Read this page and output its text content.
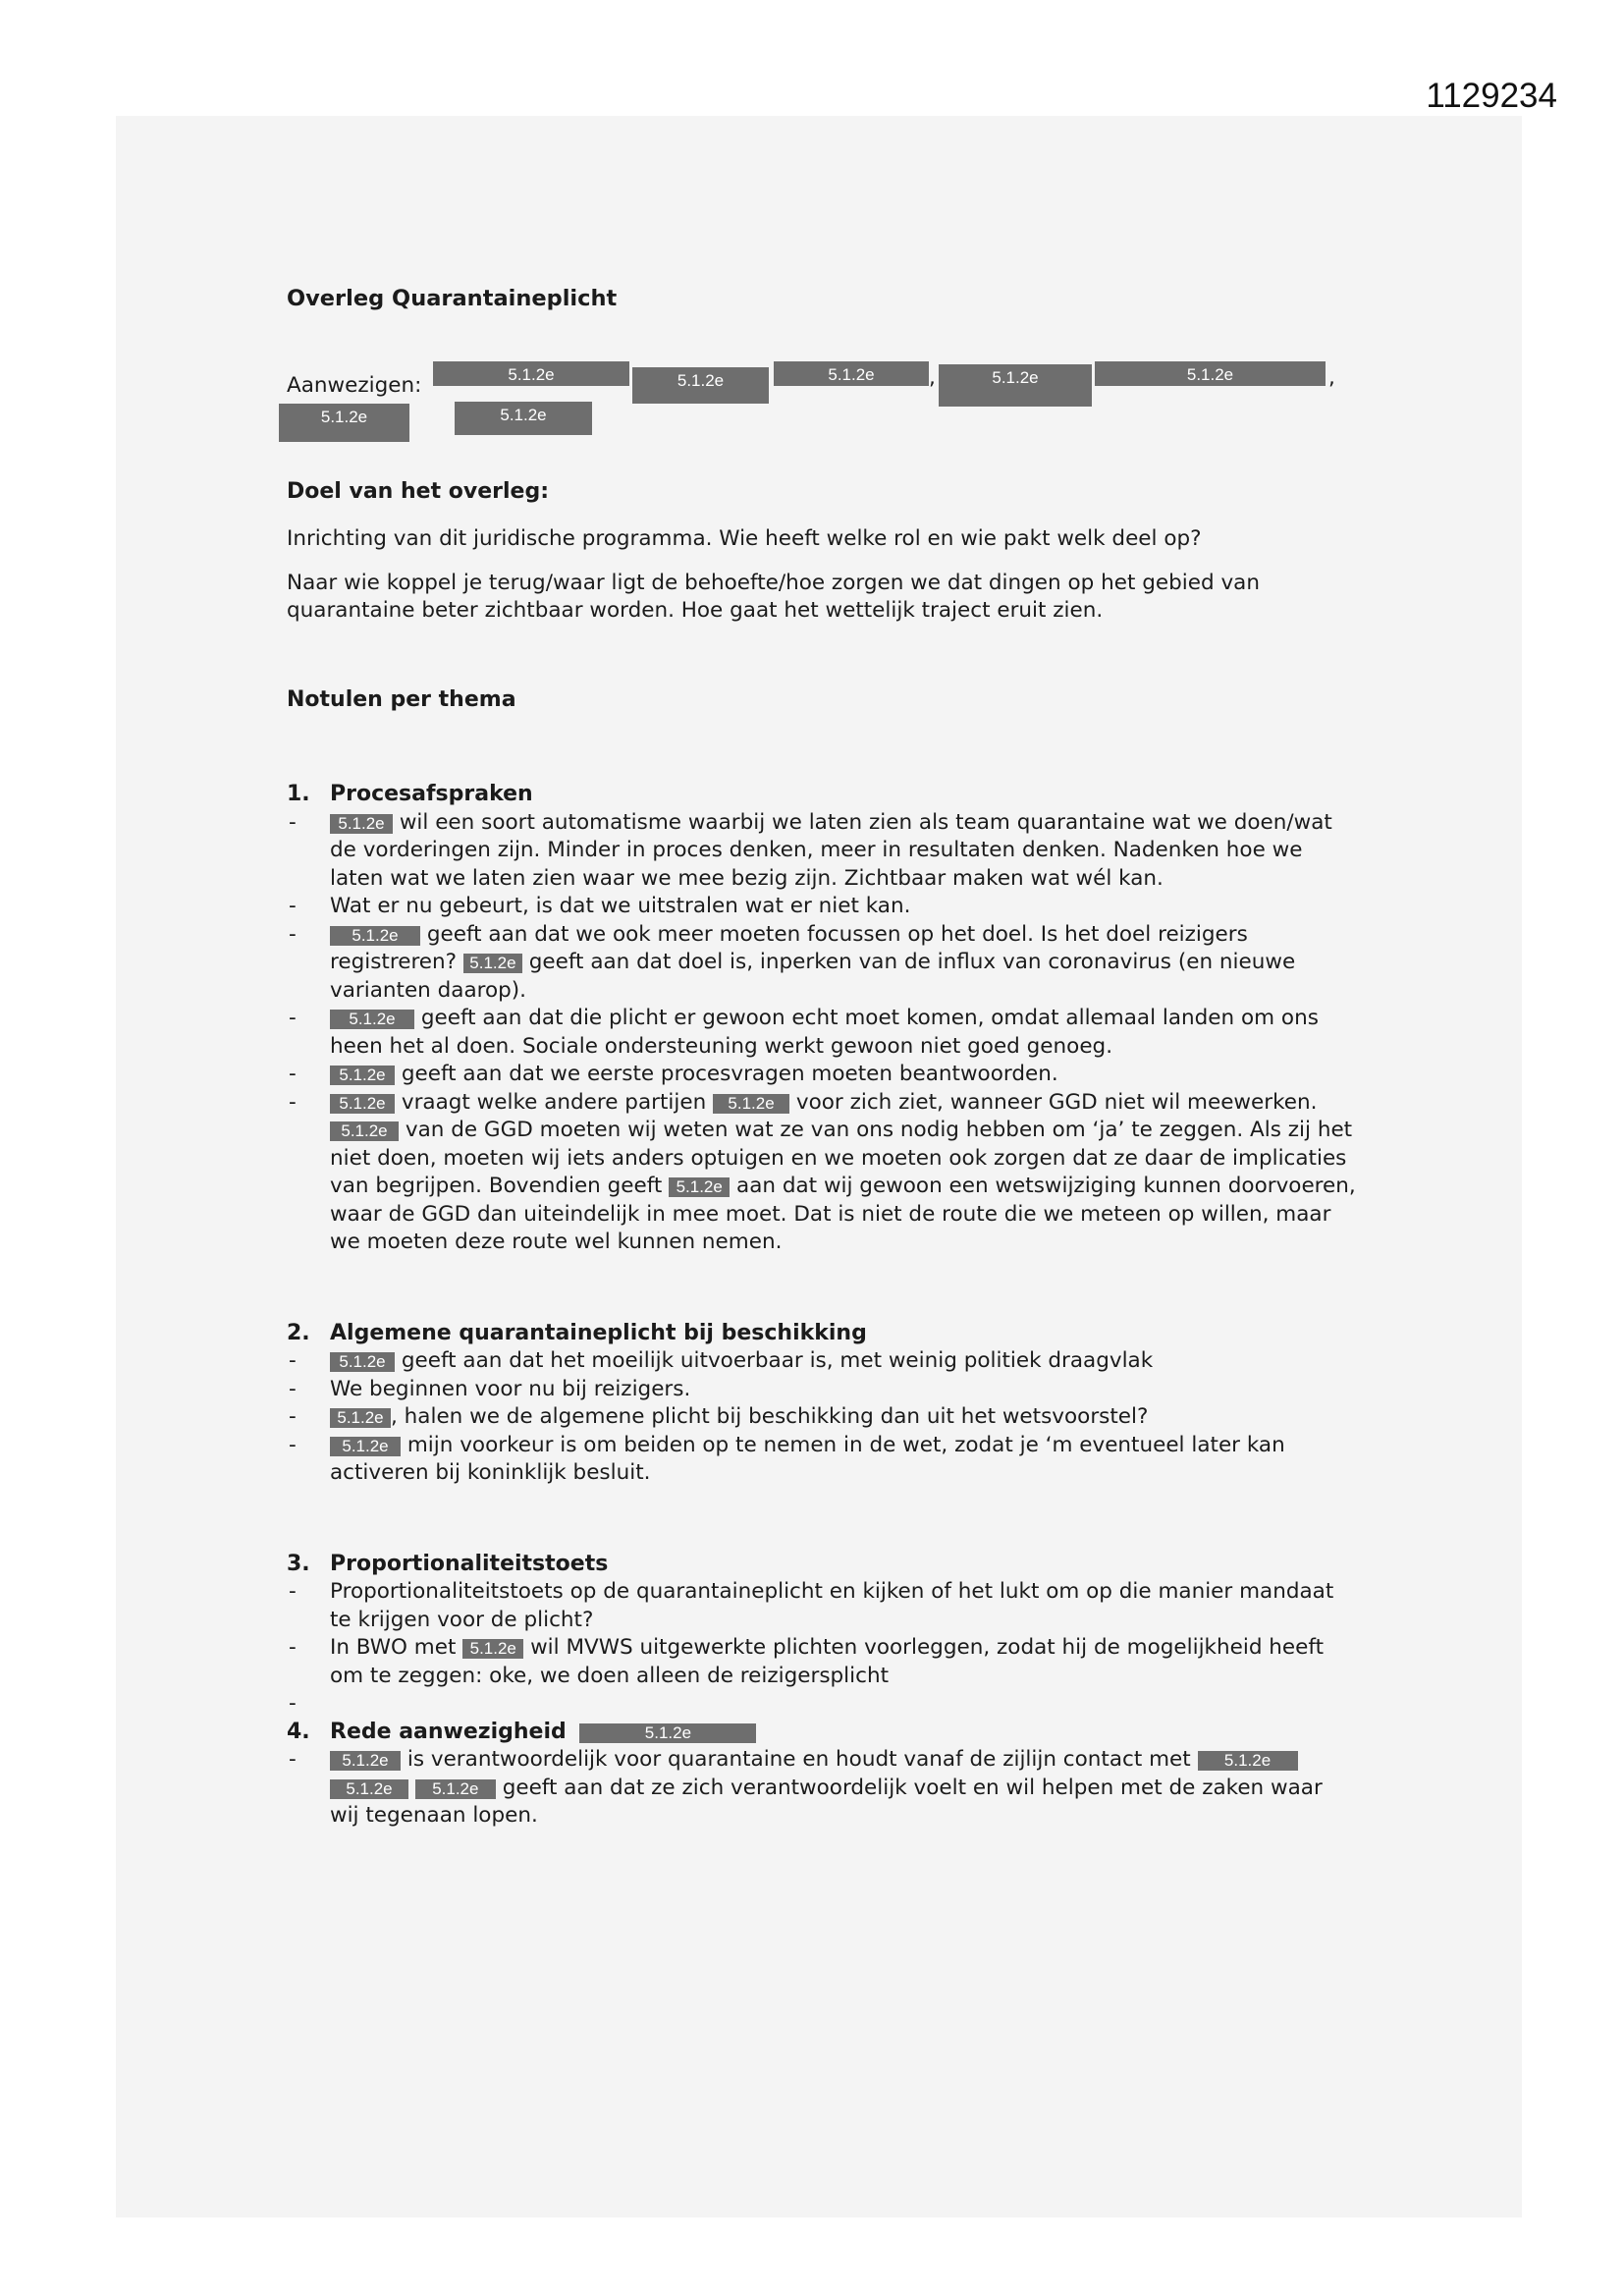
1129234
Overleg Quarantaineplicht
Aanwezigen:	5.1.2e	5.1.2e	5.1.2e	,	5.1.2e	5.1.2e	,
5.1.2e	5.1.2e
Doel van het overleg:

Inrichting van dit juridische programma. Wie heeft welke rol en wie pakt welk deel op?

Naar wie koppel je terug/waar ligt de behoefte/hoe zorgen we dat dingen op het gebied van quarantaine beter zichtbaar worden. Hoe gaat het wettelijk traject eruit zien.

Notulen per thema
1. Procesafspraken
- 5.1.2e wil een soort automatisme waarbij we laten zien als team quarantaine wat we doen/wat de vorderingen zijn. Minder in proces denken, meer in resultaten denken. Nadenken hoe we laten wat we laten zien waar we mee bezig zijn. Zichtbaar maken wat wél kan.
- Wat er nu gebeurt, is dat we uitstralen wat er niet kan.
- 5.1.2e geeft aan dat we ook meer moeten focussen op het doel. Is het doel reizigers registreren? 5.1.2e geeft aan dat doel is, inperken van de influx van coronavirus (en nieuwe varianten daarop).
- 5.1.2e geeft aan dat die plicht er gewoon echt moet komen, omdat allemaal landen om ons heen het al doen. Sociale ondersteuning werkt gewoon niet goed genoeg.
- 5.1.2e geeft aan dat we eerste procesvragen moeten beantwoorden.
- 5.1.2e vraagt welke andere partijen 5.1.2e voor zich ziet, wanneer GGD niet wil meewerken. 5.1.2e van de GGD moeten wij weten wat ze van ons nodig hebben om ‘ja’ te zeggen. Als zij het niet doen, moeten wij iets anders optuigen en we moeten ook zorgen dat ze daar de implicaties van begrijpen. Bovendien geeft 5.1.2e aan dat wij gewoon een wetswijziging kunnen doorvoeren, waar de GGD dan uiteindelijk in mee moet. Dat is niet de route die we meteen op willen, maar we moeten deze route wel kunnen nemen.
2. Algemene quarantaineplicht bij beschikking
- 5.1.2e geeft aan dat het moeilijk uitvoerbaar is, met weinig politiek draagvlak
- We beginnen voor nu bij reizigers.
- 5.1.2e , halen we de algemene plicht bij beschikking dan uit het wetsvoorstel?
- 5.1.2e mijn voorkeur is om beiden op te nemen in de wet, zodat je ‘m eventueel later kan activeren bij koninklijk besluit.
3. Proportionaliteitstoets
- Proportionaliteitstoets op de quarantaineplicht en kijken of het lukt om op die manier mandaat te krijgen voor de plicht?
- In BWO met 5.1.2e wil MVWS uitgewerkte plichten voorleggen, zodat hij de mogelijkheid heeft om te zeggen: oke, we doen alleen de reizigersplicht
-
4. Rede aanwezigheid	5.1.2e
- 5.1.2e is verantwoordelijk voor quarantaine en houdt vanaf de zijlijn contact met 5.1.2e 5.1.2e 5.1.2e geeft aan dat ze zich verantwoordelijk voelt en wil helpen met de zaken waar wij tegenaan lopen.
